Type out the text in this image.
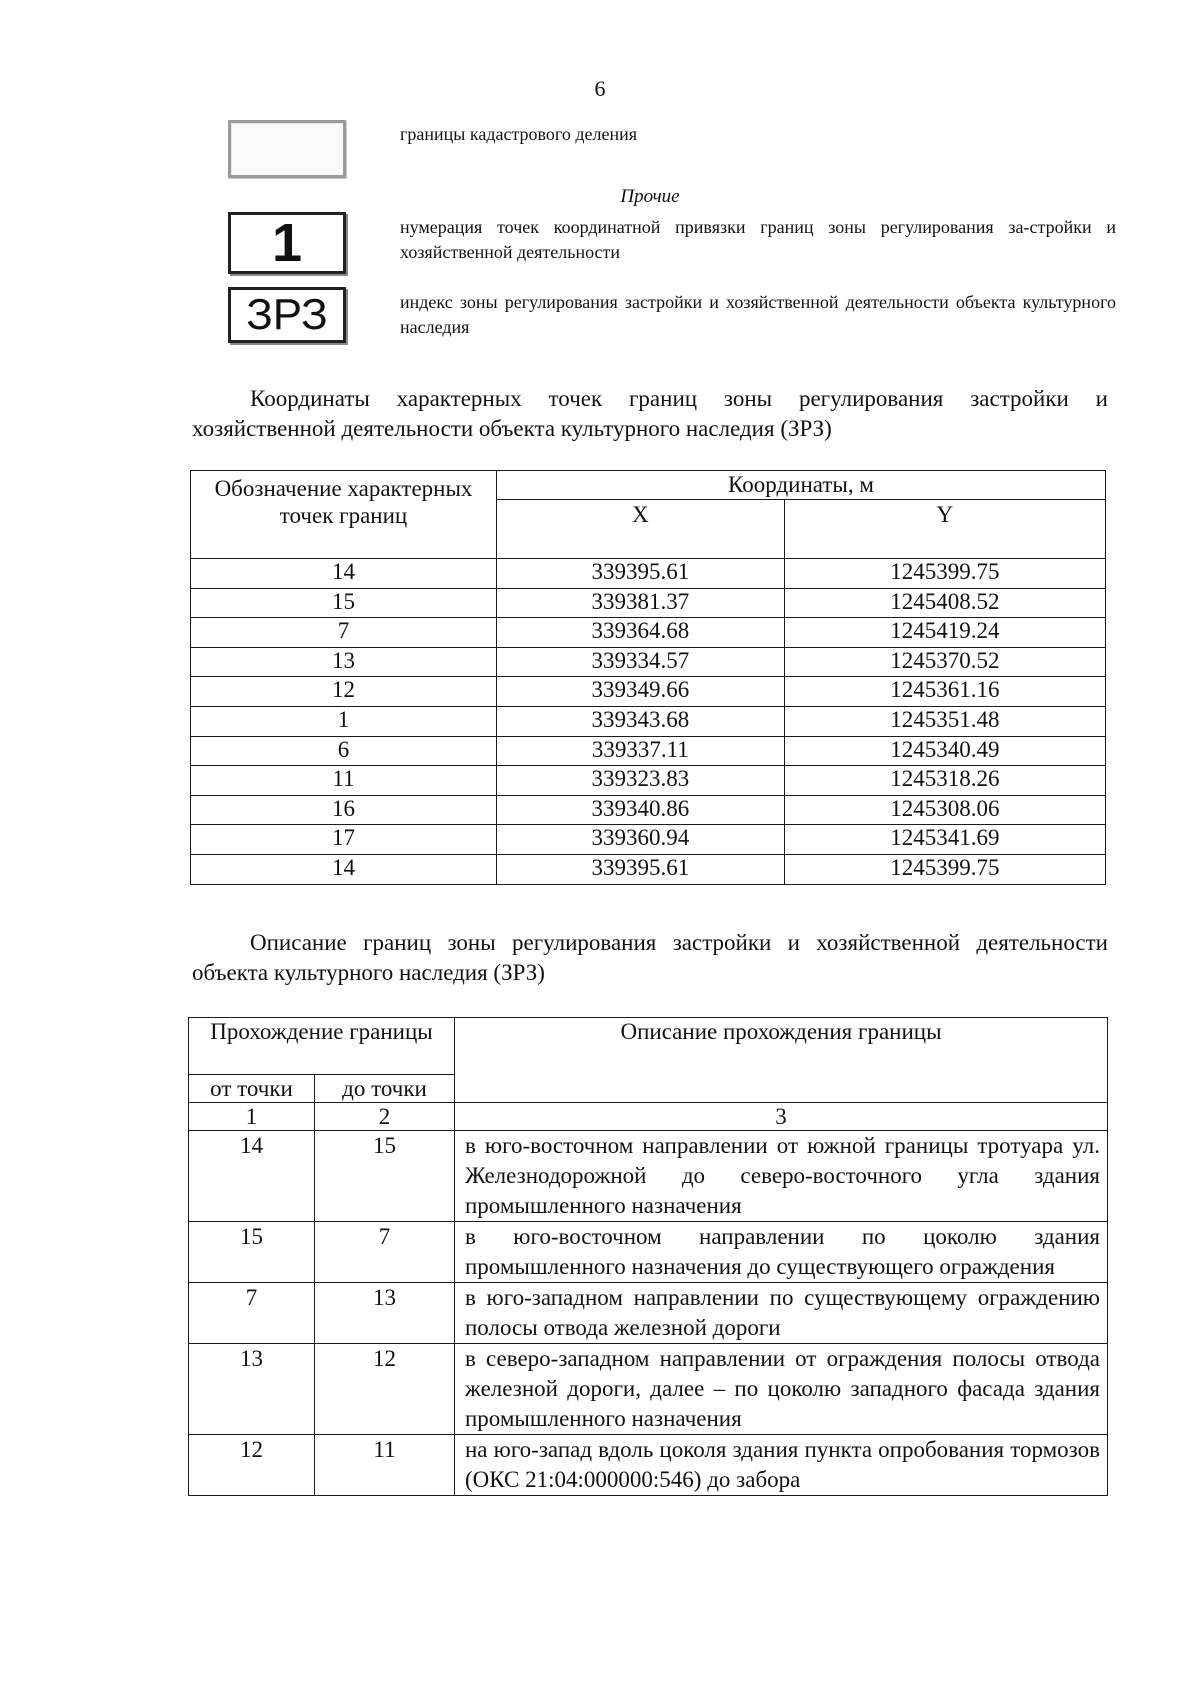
6
границы кадастрового деления
Прочие
1	нумерация точек координатной привязки границ зоны регулирования за-стройки и хозяйственной деятельности
ЗРЗ	индекс зоны регулирования застройки и хозяйственной деятельности объекта культурного наследия
Координаты характерных точек границ зоны регулирования застройки и хозяйственной деятельности объекта культурного наследия (ЗРЗ)
Обозначение характерных точек границ	Координаты, м	
	X	Y
14	339395.61	1245399.75
15	339381.37	1245408.52
7	339364.68	1245419.24
13	339334.57	1245370.52
12	339349.66	1245361.16
1	339343.68	1245351.48
6	339337.11	1245340.49
11	339323.83	1245318.26
16	339340.86	1245308.06
17	339360.94	1245341.69
14	339395.61	1245399.75
Описание границ зоны регулирования застройки и хозяйственной деятельности объекта культурного наследия (ЗРЗ)
Прохождение границы		Описание прохождения границы
от точки	до точки	
1	2	3
14	15	в юго-восточном направлении от южной границы тротуара ул. Железнодорожной до северо-восточного угла здания промышленного назначения
15	7	в юго-восточном направлении по цоколю здания промышленного назначения до существующего ограждения
7	13	в юго-западном направлении по существующему ограждению полосы отвода железной дороги
13	12	в северо-западном направлении от ограждения полосы отвода железной дороги, далее – по цоколю западного фасада здания промышленного назначения
12	11	на юго-запад вдоль цоколя здания пункта опробования тормозов (ОКС 21:04:000000:546) до забора
